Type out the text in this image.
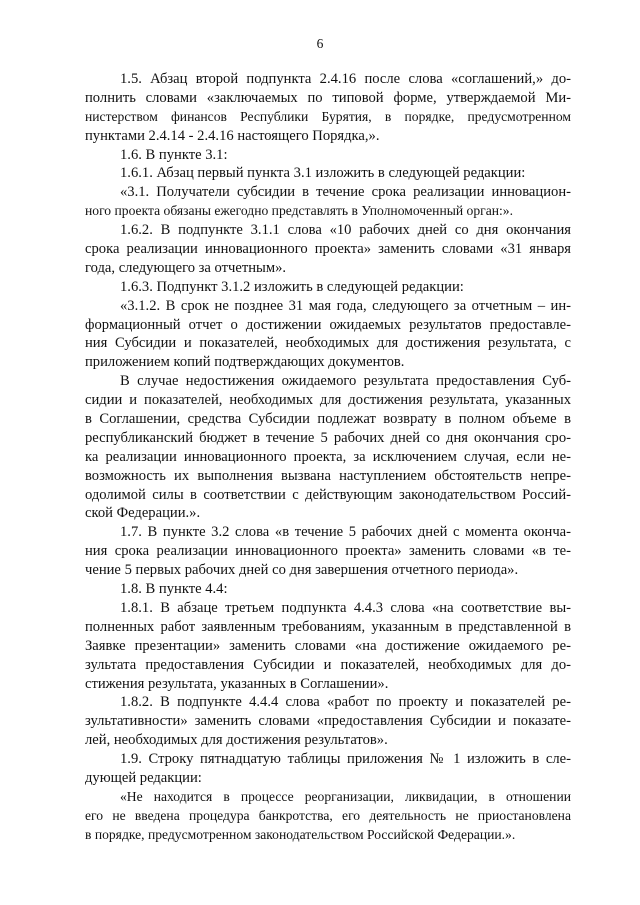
6
1.5. Абзац второй подпункта 2.4.16 после слова «соглашений,» до-
полнить словами «заключаемых по типовой форме, утверждаемой Ми-
нистерством финансов Республики Бурятия, в порядке, предусмотренном
пунктами 2.4.14 - 2.4.16 настоящего Порядка,».
1.6. В пункте 3.1:
1.6.1. Абзац первый пункта 3.1 изложить в следующей редакции:
«3.1. Получатели субсидии в течение срока реализации инновацион-
ного проекта обязаны ежегодно представлять в Уполномоченный орган:».
1.6.2. В подпункте 3.1.1 слова «10 рабочих дней со дня окончания
срока реализации инновационного проекта» заменить словами «31 января
года, следующего за отчетным».
1.6.3. Подпункт 3.1.2 изложить в следующей редакции:
«3.1.2. В срок не позднее 31 мая года, следующего за отчетным – ин-
формационный отчет о достижении ожидаемых результатов предоставле-
ния Субсидии и показателей, необходимых для достижения результата, с
приложением копий подтверждающих документов.
В случае недостижения ожидаемого результата предоставления Суб-
сидии и показателей, необходимых для достижения результата, указанных
в Соглашении, средства Субсидии подлежат возврату в полном объеме в
республиканский бюджет в течение 5 рабочих дней со дня окончания сро-
ка реализации инновационного проекта, за исключением случая, если не-
возможность их выполнения вызвана наступлением обстоятельств непре-
одолимой силы в соответствии с действующим законодательством Россий-
ской Федерации.».
1.7. В пункте 3.2 слова «в течение 5 рабочих дней с момента оконча-
ния срока реализации инновационного проекта» заменить словами «в те-
чение 5 первых рабочих дней со дня завершения отчетного периода».
1.8. В пункте 4.4:
1.8.1. В абзаце третьем подпункта 4.4.3 слова «на соответствие вы-
полненных работ заявленным требованиям, указанным в представленной в
Заявке презентации» заменить словами «на достижение ожидаемого ре-
зультата предоставления Субсидии и показателей, необходимых для до-
стижения результата, указанных в Соглашении».
1.8.2. В подпункте 4.4.4 слова «работ по проекту и показателей ре-
зультативности» заменить словами «предоставления Субсидии и показате-
лей, необходимых для достижения результатов».
1.9. Строку пятнадцатую таблицы приложения № 1 изложить в сле-
дующей редакции:
«Не находится в процессе реорганизации, ликвидации, в отношении
его не введена процедура банкротства, его деятельность не приостановлена
в порядке, предусмотренном законодательством Российской Федерации.».
